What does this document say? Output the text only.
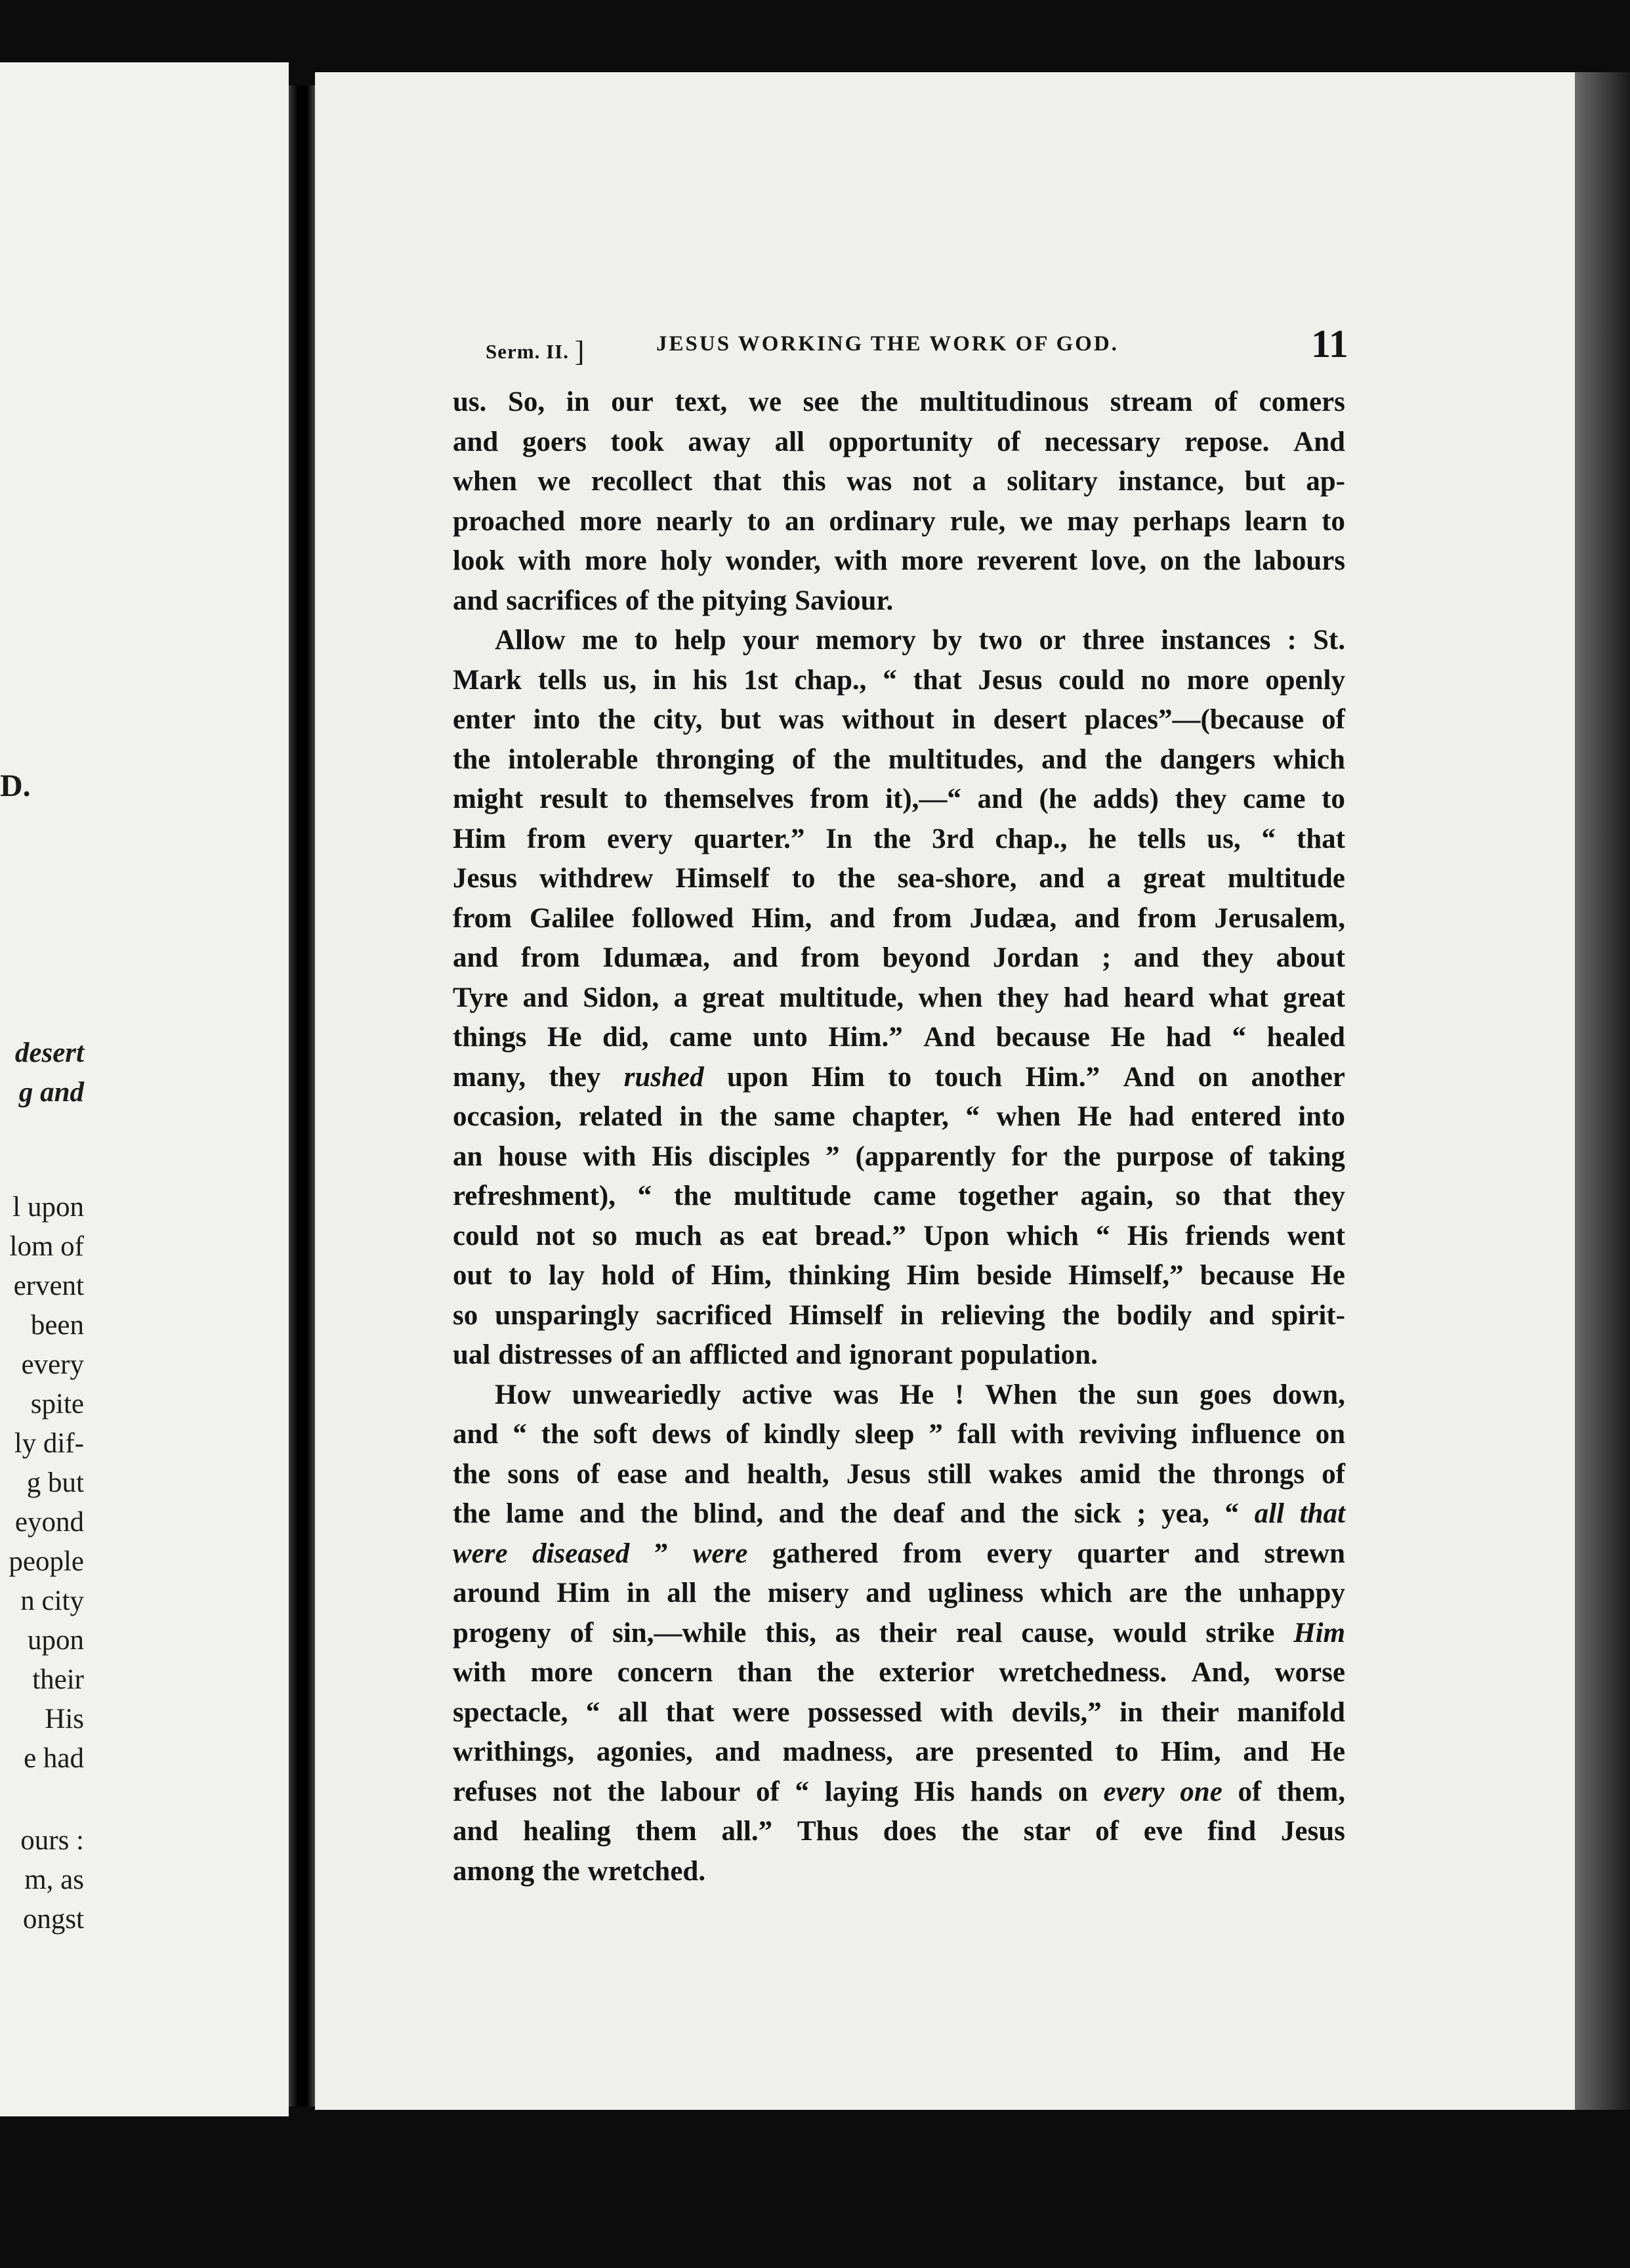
D.
desert
g and
l upon
lom of
ervent
been
every
spite
ly dif-
g but
eyond
people
n city
upon
their
His
e had
ours :
m, as
ongst
Serm. II. ]	JESUS WORKING THE WORK OF GOD.	11
us. So, in our text, we see the multitudinous stream of comers
and goers took away all opportunity of necessary repose. And
when we recollect that this was not a solitary instance, but ap-
proached more nearly to an ordinary rule, we may perhaps learn to
look with more holy wonder, with more reverent love, on the labours
and sacrifices of the pitying Saviour.
Allow me to help your memory by two or three instances : St.
Mark tells us, in his 1st chap., “ that Jesus could no more openly
enter into the city, but was without in desert places”—(because of
the intolerable thronging of the multitudes, and the dangers which
might result to themselves from it),—“ and (he adds) they came to
Him from every quarter.” In the 3rd chap., he tells us, “ that
Jesus withdrew Himself to the sea-shore, and a great multitude
from Galilee followed Him, and from Judæa, and from Jerusalem,
and from Idumæa, and from beyond Jordan ; and they about
Tyre and Sidon, a great multitude, when they had heard what great
things He did, came unto Him.” And because He had “ healed
many, they rushed upon Him to touch Him.” And on another
occasion, related in the same chapter, “ when He had entered into
an house with His disciples ” (apparently for the purpose of taking
refreshment), “ the multitude came together again, so that they
could not so much as eat bread.” Upon which “ His friends went
out to lay hold of Him, thinking Him beside Himself,” because He
so unsparingly sacrificed Himself in relieving the bodily and spirit-
ual distresses of an afflicted and ignorant population.
How unweariedly active was He ! When the sun goes down,
and “ the soft dews of kindly sleep ” fall with reviving influence on
the sons of ease and health, Jesus still wakes amid the throngs of
the lame and the blind, and the deaf and the sick ; yea, “ all that
were diseased ” were gathered from every quarter and strewn
around Him in all the misery and ugliness which are the unhappy
progeny of sin,—while this, as their real cause, would strike Him
with more concern than the exterior wretchedness. And, worse
spectacle, “ all that were possessed with devils,” in their manifold
writhings, agonies, and madness, are presented to Him, and He
refuses not the labour of “ laying His hands on every one of them,
and healing them all.” Thus does the star of eve find Jesus
among the wretched.
